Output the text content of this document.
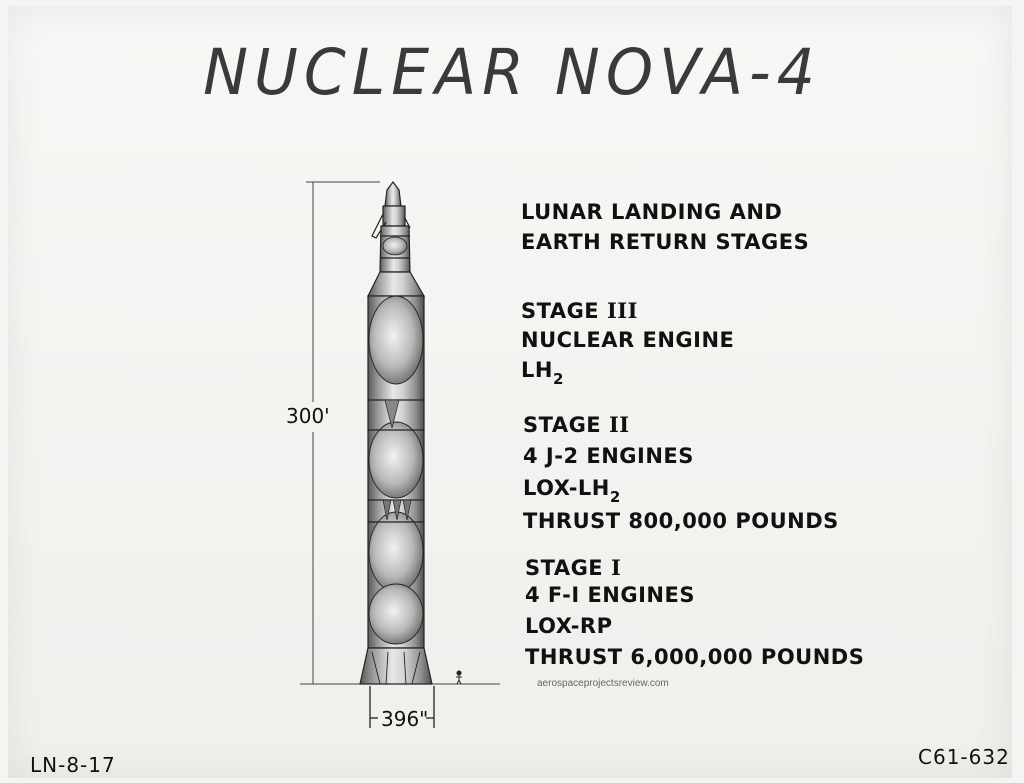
NUCLEAR NOVA-4
300'
396"
LUNAR LANDING AND
EARTH RETURN STAGES
STAGE III
NUCLEAR ENGINE
$LH_2$
STAGE II
4 J-2 ENGINES
LOX-$LH_2$
THRUST 800,000 POUNDS
STAGE I
4 F-I ENGINES
LOX-RP
THRUST 6,000,000 POUNDS
aerospaceprojectsreview.com
LN-8-17	C61-632
